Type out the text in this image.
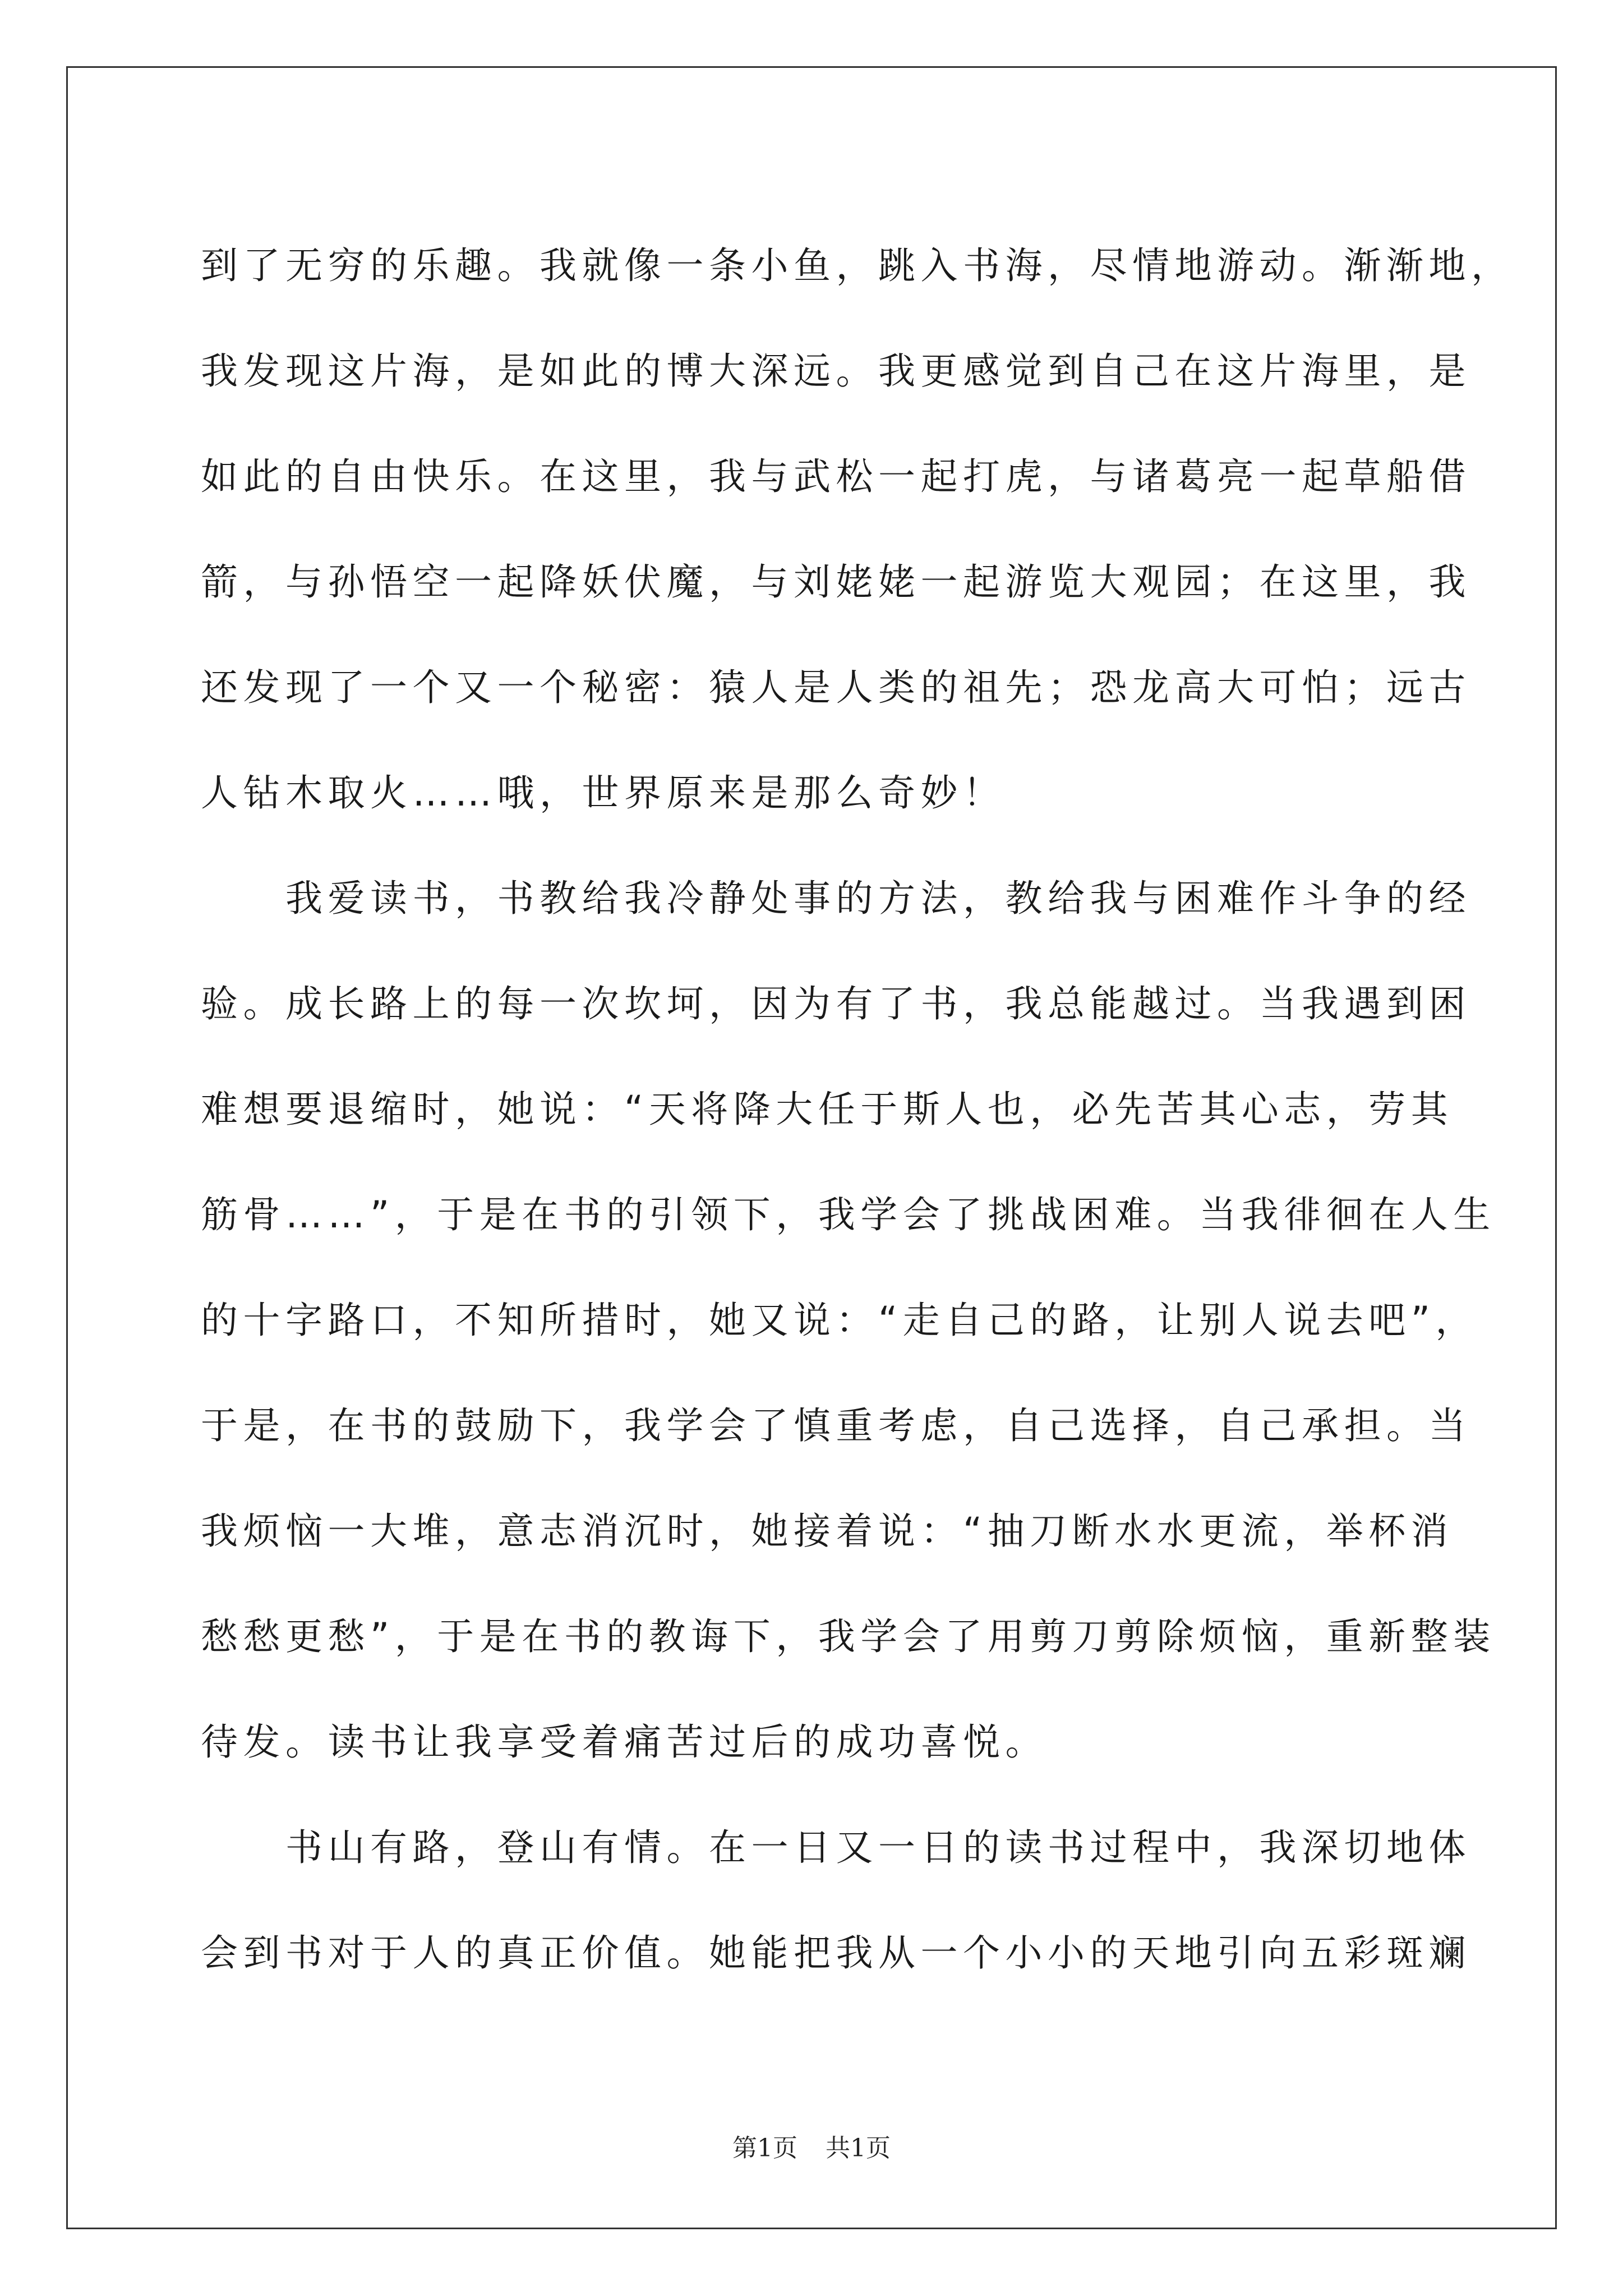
到了无穷的乐趣。我就像一条小鱼，跳入书海，尽情地游动。渐渐地，
我发现这片海，是如此的博大深远。我更感觉到自己在这片海里，是
如此的自由快乐。在这里，我与武松一起打虎，与诸葛亮一起草船借
箭，与孙悟空一起降妖伏魔，与刘姥姥一起游览大观园；在这里，我
还发现了一个又一个秘密：猿人是人类的祖先；恐龙高大可怕；远古
人钻木取火……哦，世界原来是那么奇妙！
　　我爱读书，书教给我冷静处事的方法，教给我与困难作斗争的经
验。成长路上的每一次坎坷，因为有了书，我总能越过。当我遇到困
难想要退缩时，她说：“天将降大任于斯人也，必先苦其心志，劳其
筋骨……”，于是在书的引领下，我学会了挑战困难。当我徘徊在人生
的十字路口，不知所措时，她又说：“走自己的路，让别人说去吧”，
于是，在书的鼓励下，我学会了慎重考虑，自己选择，自己承担。当
我烦恼一大堆，意志消沉时，她接着说：“抽刀断水水更流，举杯消
愁愁更愁”，于是在书的教诲下，我学会了用剪刀剪除烦恼，重新整装
待发。读书让我享受着痛苦过后的成功喜悦。
　　书山有路，登山有情。在一日又一日的读书过程中，我深切地体
会到书对于人的真正价值。她能把我从一个小小的天地引向五彩斑斓
第1页 共1页
